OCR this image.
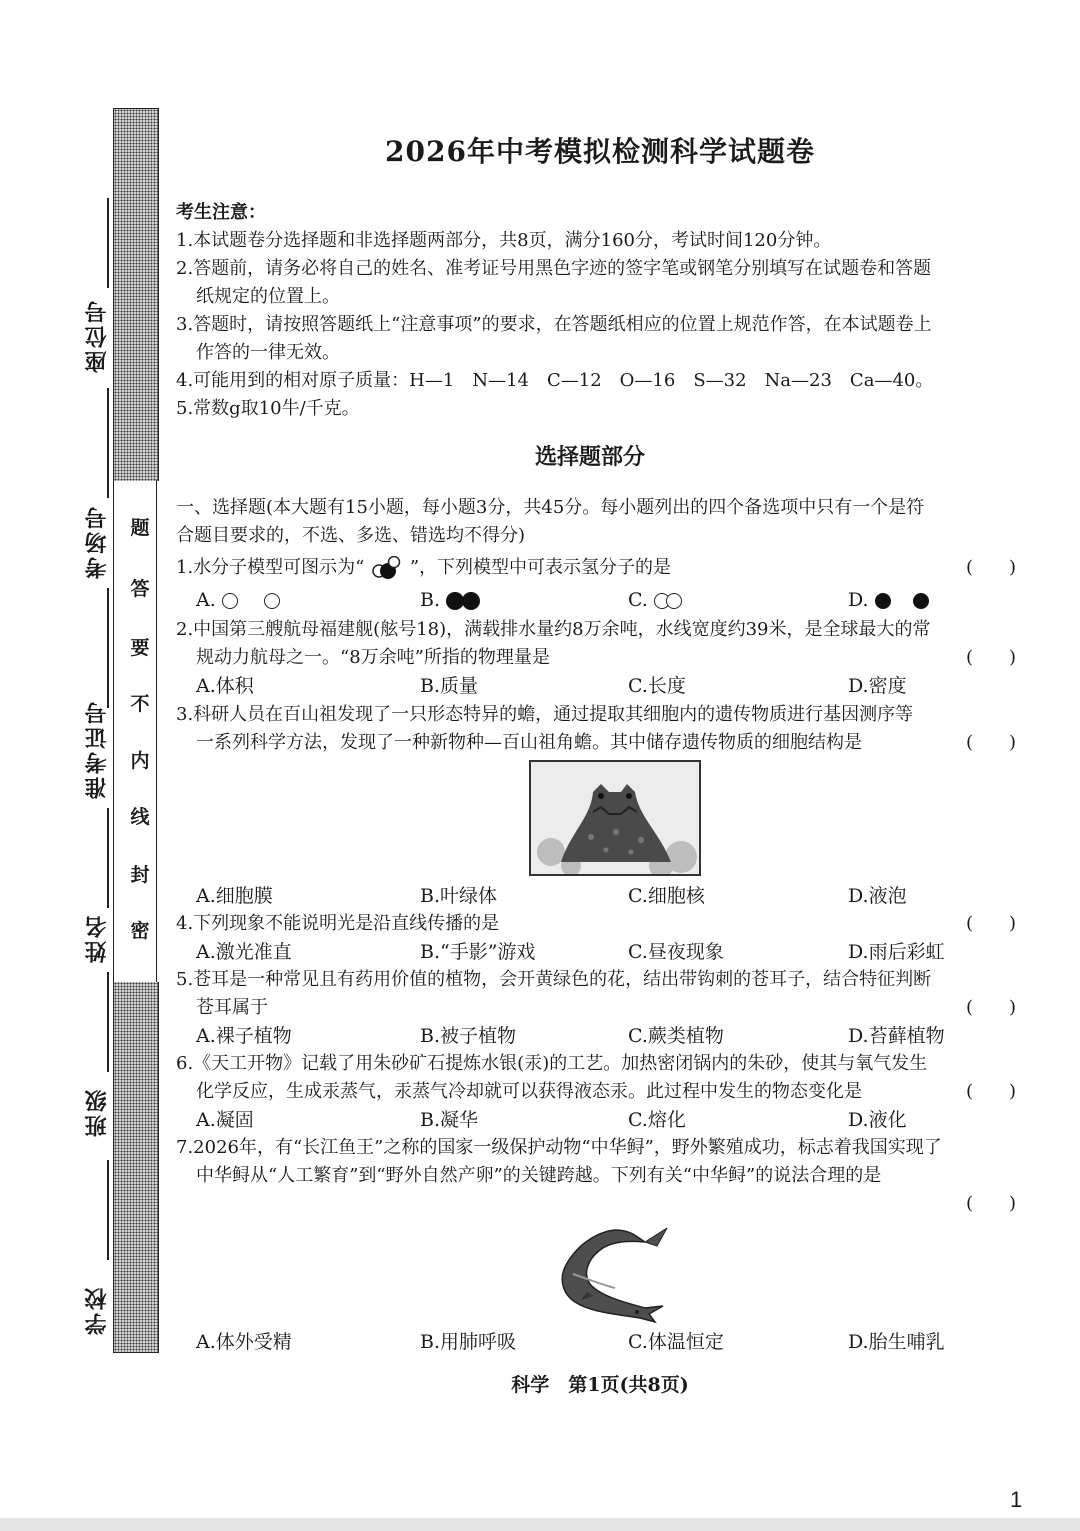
座位号
考场号
准考证号
姓名
班级
学校
题
答
要
不
内
线
封
密
2026年中考模拟检测科学试题卷
考生注意：
1.本试题卷分选择题和非选择题两部分，共8页，满分160分，考试时间120分钟。
2.答题前，请务必将自己的姓名、准考证号用黑色字迹的签字笔或钢笔分别填写在试题卷和答题
纸规定的位置上。
3.答题时，请按照答题纸上“注意事项”的要求，在答题纸相应的位置上规范作答，在本试题卷上
作答的一律无效。
4.可能用到的相对原子质量：H—1　N—14　C—12　O—16　S—32　Na—23　Ca—40。
5.常数g取10牛/千克。
选择题部分
一、选择题(本大题有15小题，每小题3分，共45分。每小题列出的四个备选项中只有一个是符
合题目要求的，不选、多选、错选均不得分)
1.水分子模型可图示为“	”，下列模型中可表示氢分子的是	(　　)
A.	B.	C.	D.
2.中国第三艘航母福建舰(舷号18)，满载排水量约8万余吨，水线宽度约39米，是全球最大的常
规动力航母之一。“8万余吨”所指的物理量是	(　　)
A.体积	B.质量	C.长度	D.密度
3.科研人员在百山祖发现了一只形态特异的蟾，通过提取其细胞内的遗传物质进行基因测序等
一系列科学方法，发现了一种新物种—百山祖角蟾。其中储存遗传物质的细胞结构是	(　　)
A.细胞膜	B.叶绿体	C.细胞核	D.液泡
4.下列现象不能说明光是沿直线传播的是	(　　)
A.激光准直	B.“手影”游戏	C.昼夜现象	D.雨后彩虹
5.苍耳是一种常见且有药用价值的植物，会开黄绿色的花，结出带钩刺的苍耳子，结合特征判断
苍耳属于	(　　)
A.裸子植物	B.被子植物	C.蕨类植物	D.苔藓植物
6.《天工开物》记载了用朱砂矿石提炼水银(汞)的工艺。加热密闭锅内的朱砂，使其与氧气发生
化学反应，生成汞蒸气，汞蒸气冷却就可以获得液态汞。此过程中发生的物态变化是	(　　)
A.凝固	B.凝华	C.熔化	D.液化
7.2026年，有“长江鱼王”之称的国家一级保护动物“中华鲟”，野外繁殖成功，标志着我国实现了
中华鲟从“人工繁育”到“野外自然产卵”的关键跨越。下列有关“中华鲟”的说法合理的是
(　　)
A.体外受精	B.用肺呼吸	C.体温恒定	D.胎生哺乳
科学　第1页(共8页)
1
